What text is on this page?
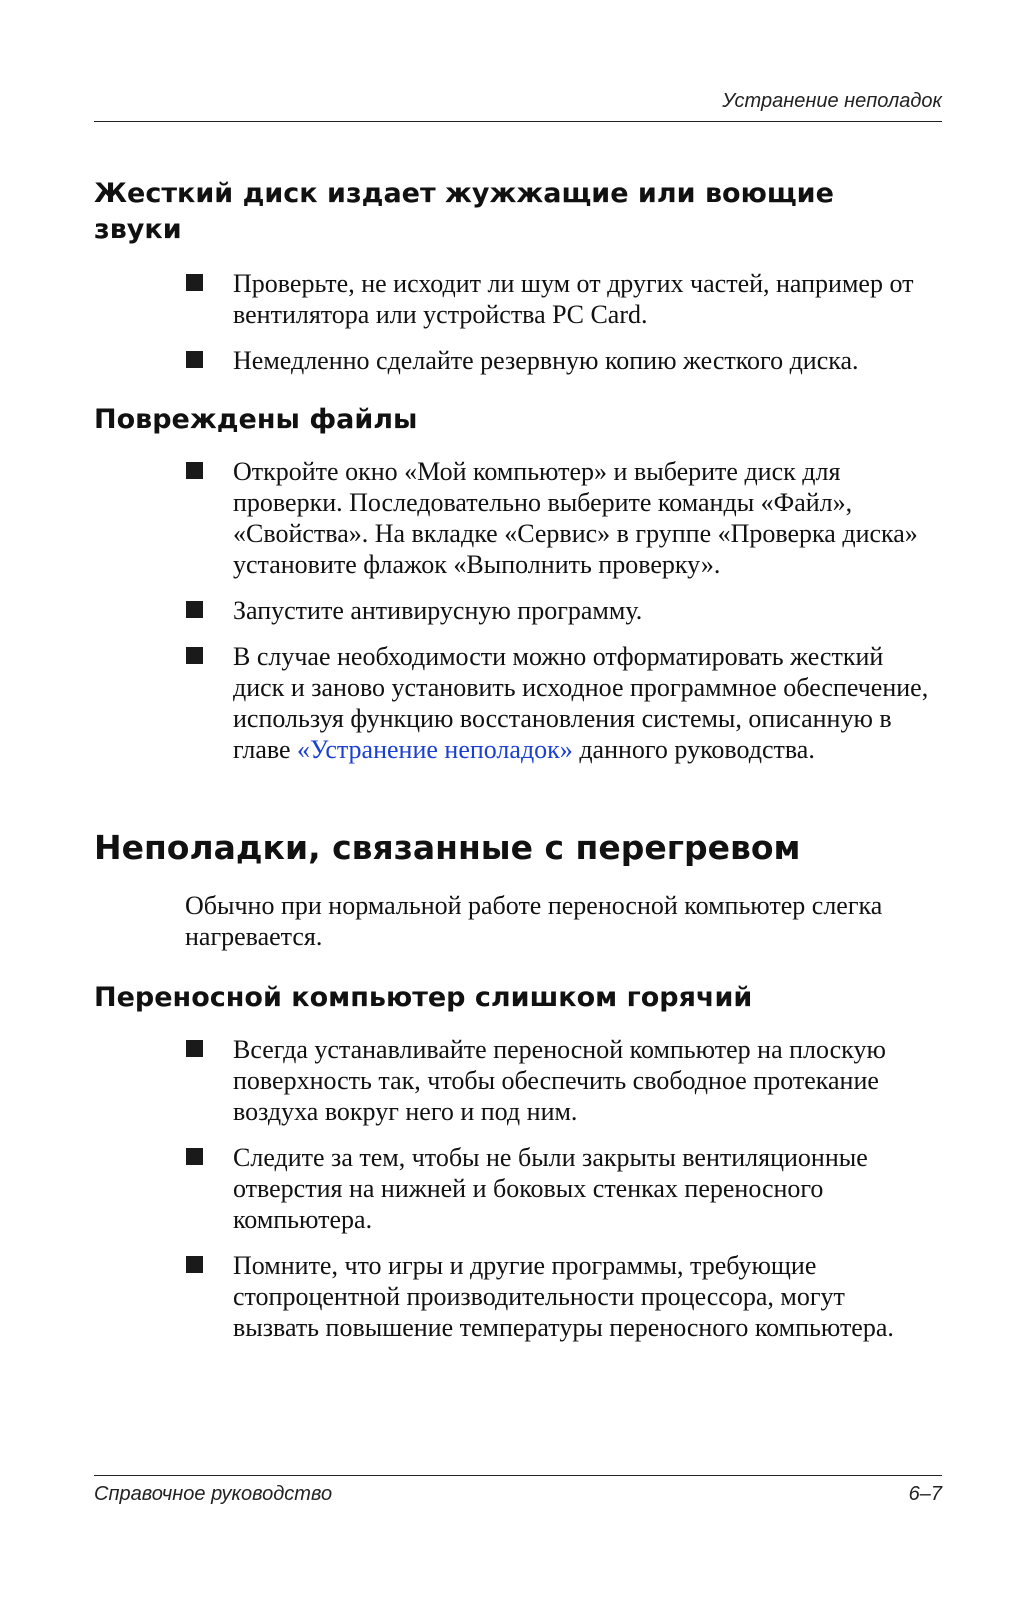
Устранение неполадок
Жесткий диск издает жужжащие или воющие звуки

Проверьте, не исходит ли шум от других частей, например от вентилятора или устройства PC Card.

Немедленно сделайте резервную копию жесткого диска.

Повреждены файлы

Откройте окно «Мой компьютер» и выберите диск для проверки. Последовательно выберите команды «Файл», «Свойства». На вкладке «Сервис» в группе «Проверка диска» установите флажок «Выполнить проверку».

Запустите антивирусную программу.

В случае необходимости можно отформатировать жесткий диск и заново установить исходное программное обеспечение, используя функцию восстановления системы, описанную в главе «Устранение неполадок» данного руководства.

Неполадки, связанные с перегревом

Обычно при нормальной работе переносной компьютер слегка нагревается.

Переносной компьютер слишком горячий

Всегда устанавливайте переносной компьютер на плоскую поверхность так, чтобы обеспечить свободное протекание воздуха вокруг него и под ним.

Следите за тем, чтобы не были закрыты вентиляционные отверстия на нижней и боковых стенках переносного компьютера.

Помните, что игры и другие программы, требующие стопроцентной производительности процессора, могут вызвать повышение температуры переносного компьютера.

Справочное руководство	6–7
